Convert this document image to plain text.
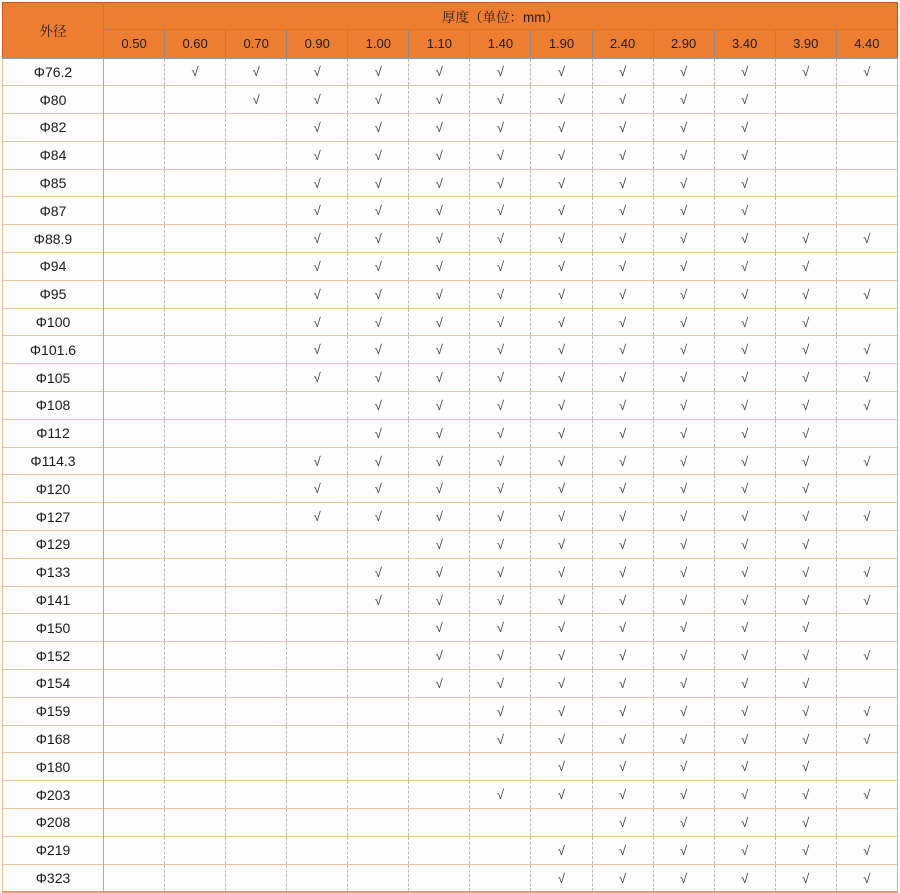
外径	厚度（单位：mm）												
	0.50	0.60	0.70	0.90	1.00	1.10	1.40	1.90	2.40	2.90	3.40	3.90	4.40
Φ76.2		√	√	√	√	√	√	√	√	√	√	√	√
Φ80			√	√	√	√	√	√	√	√	√		
Φ82				√	√	√	√	√	√	√	√		
Φ84				√	√	√	√	√	√	√	√		
Φ85				√	√	√	√	√	√	√	√		
Φ87				√	√	√	√	√	√	√	√		
Φ88.9				√	√	√	√	√	√	√	√	√	√
Φ94				√	√	√	√	√	√	√	√	√	
Φ95				√	√	√	√	√	√	√	√	√	√
Φ100				√	√	√	√	√	√	√	√	√	
Φ101.6				√	√	√	√	√	√	√	√	√	√
Φ105				√	√	√	√	√	√	√	√	√	√
Φ108					√	√	√	√	√	√	√	√	√
Φ112					√	√	√	√	√	√	√	√	
Φ114.3				√	√	√	√	√	√	√	√	√	√
Φ120				√	√	√	√	√	√	√	√	√	
Φ127				√	√	√	√	√	√	√	√	√	√
Φ129						√	√	√	√	√	√	√	
Φ133					√	√	√	√	√	√	√	√	√
Φ141					√	√	√	√	√	√	√	√	√
Φ150						√	√	√	√	√	√	√	
Φ152						√	√	√	√	√	√	√	√
Φ154						√	√	√	√	√	√	√	
Φ159							√	√	√	√	√	√	√
Φ168							√	√	√	√	√	√	√
Φ180								√	√	√	√	√	
Φ203							√	√	√	√	√	√	√
Φ208									√	√	√	√	
Φ219								√	√	√	√	√	√
Φ323								√	√	√	√	√	√
